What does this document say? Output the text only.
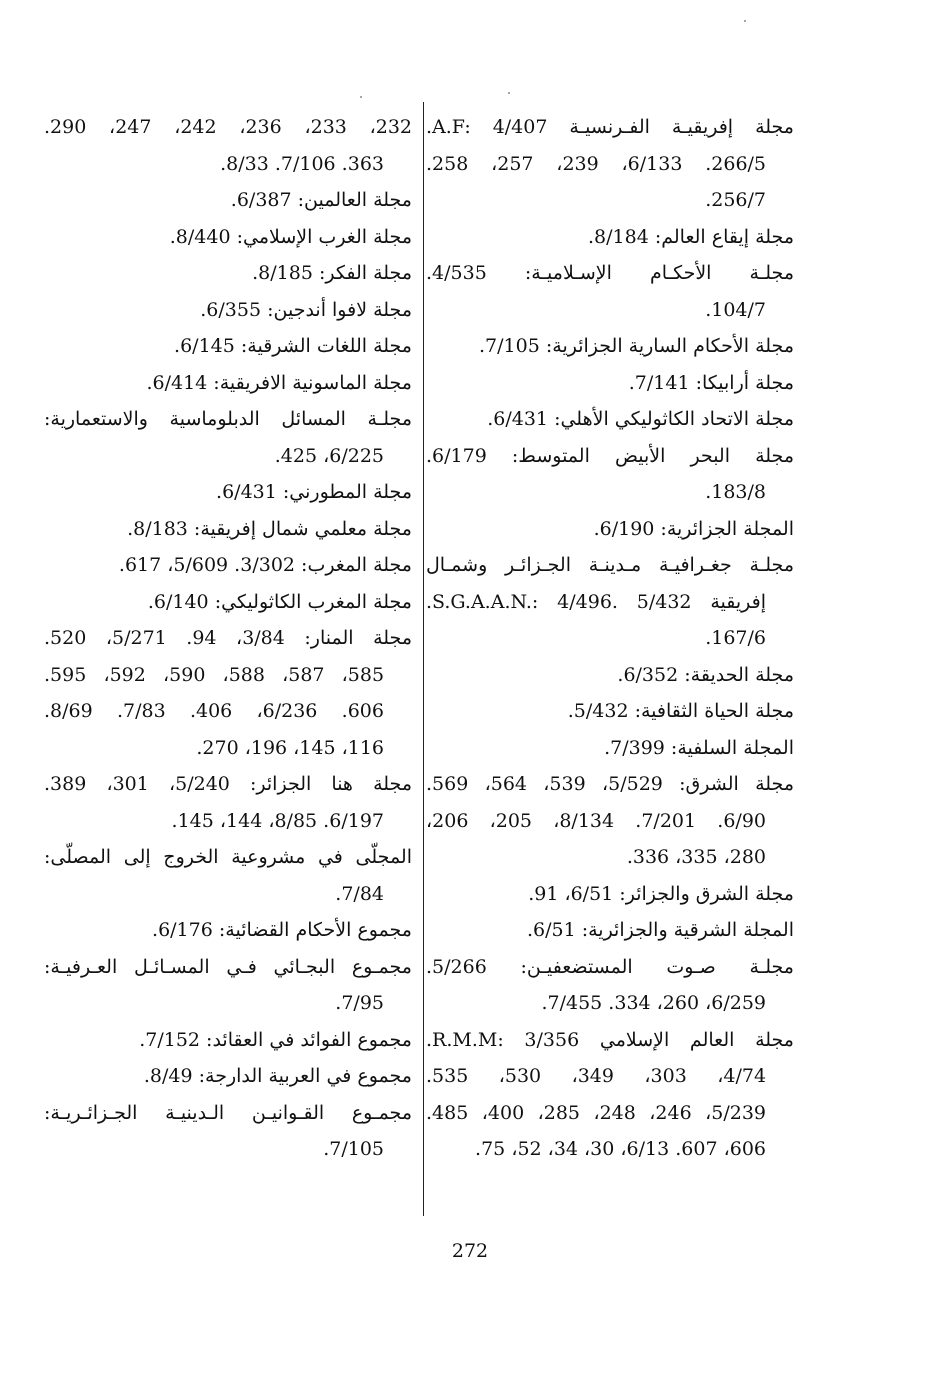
مجلة إفريقيـة الفـرنسيـة A.F: 4/407.
266/5. 6/133، 239، 257، 258.
256/7.
مجلة إيقاع العالم: 8/184.
مجلـة الأحكـام الإسـلاميـة: 4/535.
104/7.
مجلة الأحكام السارية الجزائرية: 7/105.
مجلة أرابيكا: 7/141.
مجلة الاتحاد الكاثوليكي الأهلي: 6/431.
مجلة البحر الأبيض المتوسط: 6/179.
183/8.
المجلة الجزائرية: 6/190.
مجلـة جغـرافيـة مـدينـة الجـزائـر وشمـال
إفريقية S.G.A.A.N.: 4/496. 5/432.
167/6.
مجلة الحديقة: 6/352.
مجلة الحياة الثقافية: 5/432.
المجلة السلفية: 7/399.
مجلة الشرق: 5/529، 539، 564، 569.
6/90. 7/201. 8/134، 205، 206،
280، 335، 336.
مجلة الشرق والجزائر: 6/51، 91.
المجلة الشرقية والجزائرية: 6/51.
مجلـة صـوت المستضعفيـن: 5/266.
6/259، 260، 334. 7/455.
مجلة العالم الإسلامي R.M.M: 3/356.
4/74، 303، 349، 530، 535.
5/239، 246، 248، 285، 400، 485.
606، 607. 6/13، 30، 34، 52، 75.
232، 233، 236، 242، 247، 290.
363. 7/106. 8/33.
مجلة العالمين: 6/387.
مجلة الغرب الإسلامي: 8/440.
مجلة الفكر: 8/185.
مجلة لافوا أندجين: 6/355.
مجلة اللغات الشرقية: 6/145.
مجلة الماسونية الافريقية: 6/414.
مجلـة المسائل الدبلوماسية والاستعمارية:
6/225، 425.
مجلة المطورني: 6/431.
مجلة معلمي شمال إفريقية: 8/183.
مجلة المغرب: 3/302. 5/609، 617.
مجلة المغرب الكاثوليكي: 6/140.
مجلة المنار: 3/84، 94. 5/271، 520.
585، 587، 588، 590، 592، 595.
606. 6/236، 406. 7/83. 8/69.
116، 145، 196، 270.
مجلة هنا الجزائر: 5/240، 301، 389.
6/197. 8/85، 144، 145.
المجلّى في مشروعية الخروج إلى المصلّى:
7/84.
مجموع الأحكام القضائية: 6/176.
مجمـوع البجـائي فـي المسـائـل العـرفيـة:
7/95.
مجموع الفوائد في العقائد: 7/152.
مجموع في العربية الدارجة: 8/49.
مجمـوع القـوانيـن الـدينيـة الجـزائـريـة:
7/105.
272
